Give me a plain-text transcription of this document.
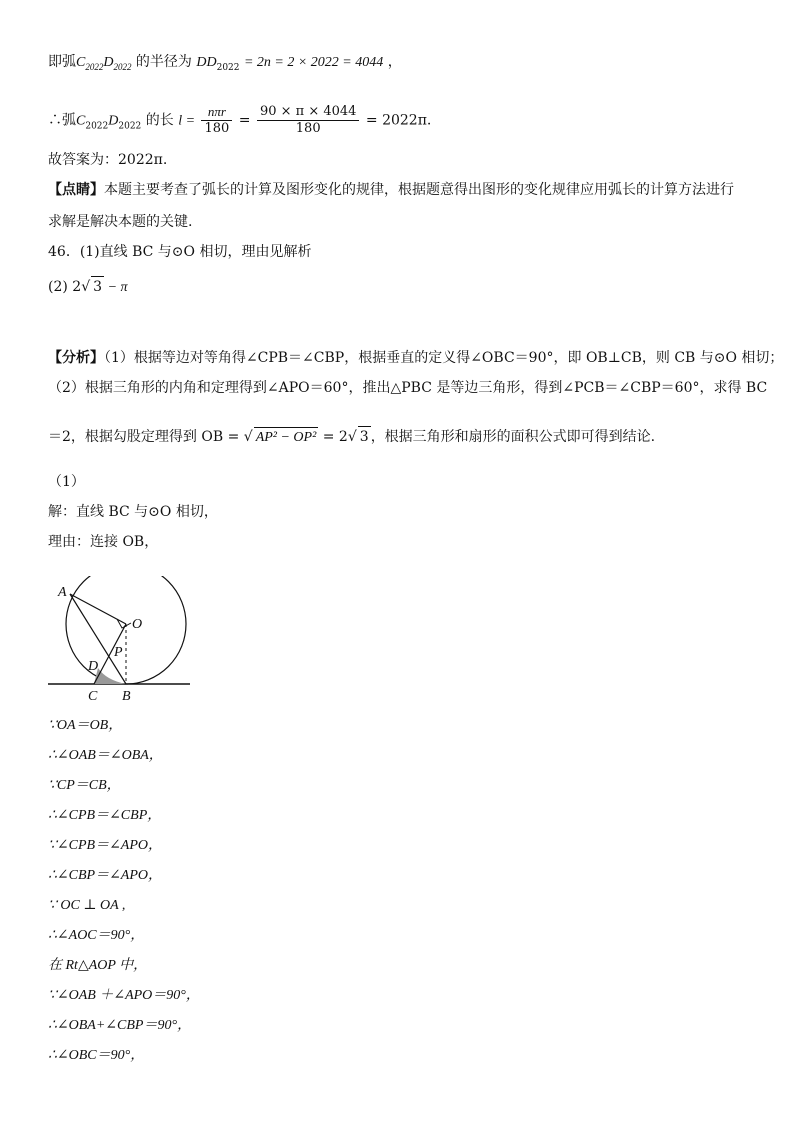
即弧$C_{2022}D_{2022}$ 的半径为 $DD_{2022} = 2n = 2 \times 2022 = 4044$ ，
∴弧$C_{2022}D_{2022}$ 的长 $l = \frac{\text{nπr}}{180} = \frac{90 \times \pi \times 4044}{180} = 2022\pi$.
故答案为：2022π.
【点睛】本题主要考查了弧长的计算及图形变化的规律，根据题意得出图形的变化规律应用弧长的计算方法进行
求解是解决本题的关键.
46．(1)直线 BC 与⊙O 相切，理由见解析
(2) 2√ 3 − π
【分析】（1）根据等边对等角得∠CPB＝∠CBP，根据垂直的定义得∠OBC＝90°，即 OB⊥CB，则 CB 与⊙O 相切；
（2）根据三角形的内角和定理得到∠APO＝60°，推出△PBC 是等边三角形，得到∠PCB＝∠CBP＝60°，求得 BC
＝2，根据勾股定理得到 OB = √ AP² − OP² = 2√ 3 ，根据三角形和扇形的面积公式即可得到结论.
（1）
解：直线 BC 与⊙O 相切，
理由：连接 OB，
A
O
P
D
C B
∵OA＝OB，
∴∠OAB＝∠OBA，
∵CP＝CB，
∴∠CPB＝∠CBP，
∵∠CPB＝∠APO，
∴∠CBP＝∠APO，
∵ OC ⊥ OA ,
∴∠AOC＝90°，
在 Rt△AOP 中，
∵∠OAB ＋∠APO＝90°，
∴∠OBA+∠CBP＝90°，
∴∠OBC＝90°，
